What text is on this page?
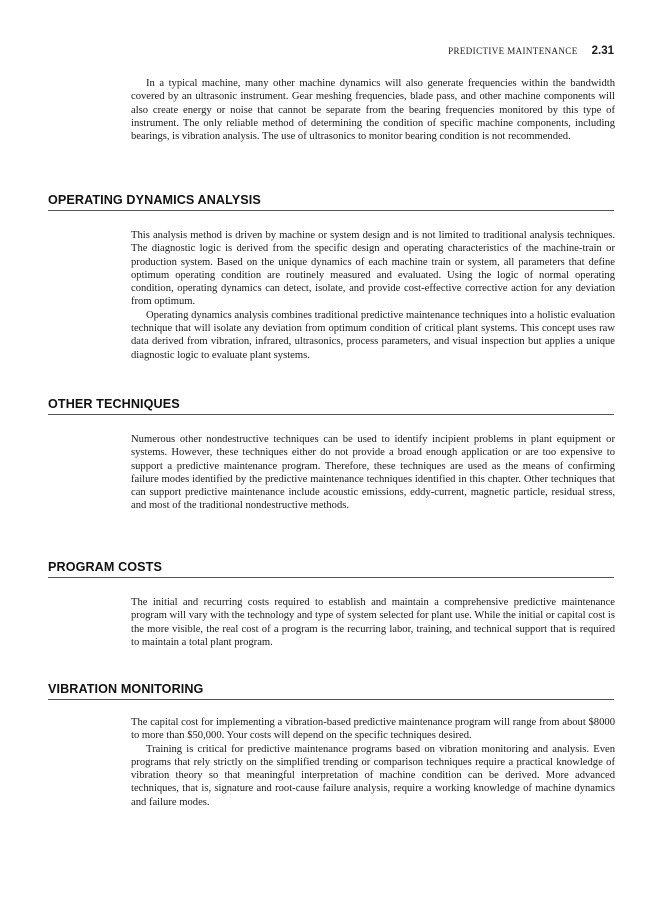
PREDICTIVE MAINTENANCE 2.31

In a typical machine, many other machine dynamics will also generate frequencies within the bandwidth covered by an ultrasonic instrument. Gear meshing frequencies, blade pass, and other machine components will also create energy or noise that cannot be separate from the bearing frequencies monitored by this type of instrument. The only reliable method of determining the condition of specific machine components, including bearings, is vibration analysis. The use of ultrasonics to monitor bearing condition is not recommended.

OPERATING DYNAMICS ANALYSIS

This analysis method is driven by machine or system design and is not limited to traditional analysis techniques. The diagnostic logic is derived from the specific design and operating characteristics of the machine-train or production system. Based on the unique dynamics of each machine train or system, all parameters that define optimum operating condition are routinely measured and evaluated. Using the logic of normal operating condition, operating dynamics can detect, isolate, and provide cost-effective corrective action for any deviation from optimum.

Operating dynamics analysis combines traditional predictive maintenance techniques into a holistic evaluation technique that will isolate any deviation from optimum condition of critical plant systems. This concept uses raw data derived from vibration, infrared, ultrasonics, process parameters, and visual inspection but applies a unique diagnostic logic to evaluate plant systems.

OTHER TECHNIQUES

Numerous other nondestructive techniques can be used to identify incipient problems in plant equipment or systems. However, these techniques either do not provide a broad enough application or are too expensive to support a predictive maintenance program. Therefore, these techniques are used as the means of confirming failure modes identified by the predictive maintenance techniques identified in this chapter. Other techniques that can support predictive maintenance include acoustic emissions, eddy-current, magnetic particle, residual stress, and most of the traditional nondestructive methods.

PROGRAM COSTS

The initial and recurring costs required to establish and maintain a comprehensive predictive maintenance program will vary with the technology and type of system selected for plant use. While the initial or capital cost is the more visible, the real cost of a program is the recurring labor, training, and technical support that is required to maintain a total plant program.

VIBRATION MONITORING

The capital cost for implementing a vibration-based predictive maintenance program will range from about $8000 to more than $50,000. Your costs will depend on the specific techniques desired.

Training is critical for predictive maintenance programs based on vibration monitoring and analysis. Even programs that rely strictly on the simplified trending or comparison techniques require a practical knowledge of vibration theory so that meaningful interpretation of machine condition can be derived. More advanced techniques, that is, signature and root-cause failure analysis, require a working knowledge of machine dynamics and failure modes.
